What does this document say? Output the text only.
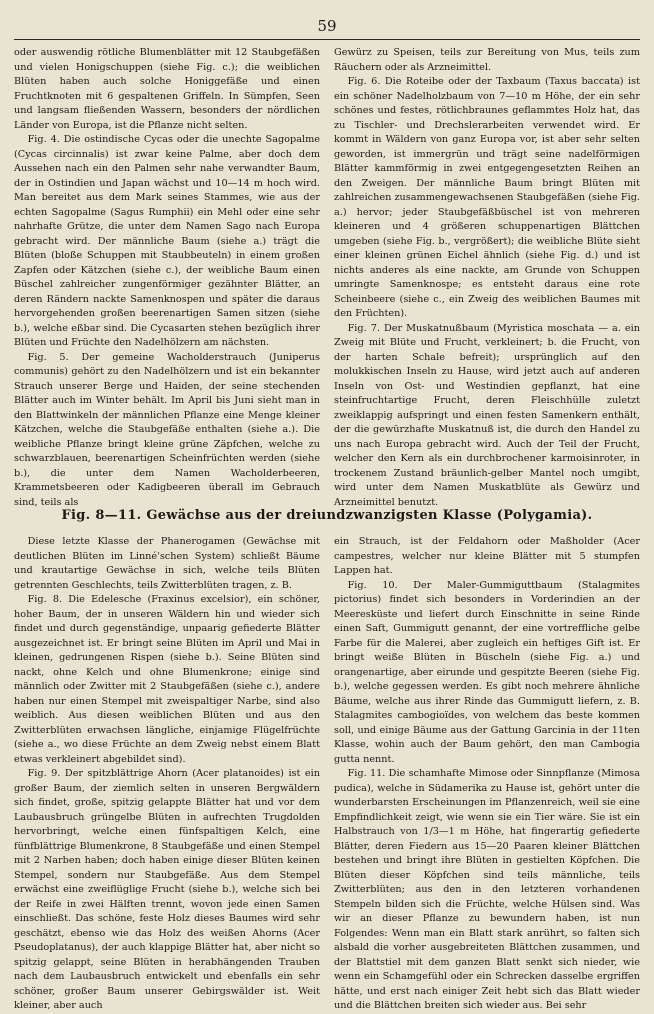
59

oder auswendig rötliche Blumenblätter mit 12 Staubgefäßen und vielen Honigschuppen (siehe Fig. c.); die weiblichen Blüten haben auch solche Honiggefäße und einen Fruchtknoten mit 6 gespaltenen Griffeln. In Sümpfen, Seen und langsam fließenden Wassern, besonders der nördlichen Länder von Europa, ist die Pflanze nicht selten.

Fig. 4. Die ostindische Cycas oder die unechte Sagopalme (Cycas circinnalis) ist zwar keine Palme, aber doch dem Aussehen nach ein den Palmen sehr nahe verwandter Baum, der in Ostindien und Japan wächst und 10—14 m hoch wird. Man bereitet aus dem Mark seines Stammes, wie aus der echten Sagopalme (Sagus Rumphii) ein Mehl oder eine sehr nahrhafte Grütze, die unter dem Namen Sago nach Europa gebracht wird. Der männliche Baum (siehe a.) trägt die Blüten (bloße Schuppen mit Staubbeuteln) in einem großen Zapfen oder Kätzchen (siehe c.), der weibliche Baum einen Büschel zahlreicher zungenförmiger gezähnter Blätter, an deren Rändern nackte Samenknospen und später die daraus hervorgehenden großen beerenartigen Samen sitzen (siehe b.), welche eßbar sind. Die Cycasarten stehen bezüglich ihrer Blüten und Früchte den Nadelhölzern am nächsten.

Fig. 5. Der gemeine Wacholderstrauch (Juniperus communis) gehört zu den Nadelhölzern und ist ein bekannter Strauch unserer Berge und Haiden, der seine stechenden Blätter auch im Winter behält. Im April bis Juni sieht man in den Blattwinkeln der männlichen Pflanze eine Menge kleiner Kätzchen, welche die Staubgefäße enthalten (siehe a.). Die weibliche Pflanze bringt kleine grüne Zäpfchen, welche zu schwarzblauen, beerenartigen Scheinfrüchten werden (siehe b.), die unter dem Namen Wacholderbeeren, Krammetsbeeren oder Kadigbeeren überall im Gebrauch sind, teils als

Gewürz zu Speisen, teils zur Bereitung von Mus, teils zum Räuchern oder als Arzneimittel.

Fig. 6. Die Roteibe oder der Taxbaum (Taxus baccata) ist ein schöner Nadelholzbaum von 7—10 m Höhe, der ein sehr schönes und festes, rötlichbraunes geflammtes Holz hat, das zu Tischler- und Drechslerarbeiten verwendet wird. Er kommt in Wäldern von ganz Europa vor, ist aber sehr selten geworden, ist immergrün und trägt seine nadelförmigen Blätter kammförmig in zwei entgegengesetzten Reihen an den Zweigen. Der männliche Baum bringt Blüten mit zahlreichen zusammengewachsenen Staubgefäßen (siehe Fig. a.) hervor; jeder Staubgefäßbüschel ist von mehreren kleineren und 4 größeren schuppenartigen Blättchen umgeben (siehe Fig. b., vergrößert); die weibliche Blüte sieht einer kleinen grünen Eichel ähnlich (siehe Fig. d.) und ist nichts anderes als eine nackte, am Grunde von Schuppen umringte Samenknospe; es entsteht daraus eine rote Scheinbeere (siehe c., ein Zweig des weiblichen Baumes mit den Früchten).

Fig. 7. Der Muskatnußbaum (Myristica moschata — a. ein Zweig mit Blüte und Frucht, verkleinert; b. die Frucht, von der harten Schale befreit); ursprünglich auf den molukkischen Inseln zu Hause, wird jetzt auch auf anderen Inseln von Ost- und Westindien gepflanzt, hat eine steinfruchtartige Frucht, deren Fleischhülle zuletzt zweiklappig aufspringt und einen festen Samenkern enthält, der die gewürzhafte Muskatnuß ist, die durch den Handel zu uns nach Europa gebracht wird. Auch der Teil der Frucht, welcher den Kern als ein durchbrochener karmoisinroter, in trockenem Zustand bräunlich-gelber Mantel noch umgibt, wird unter dem Namen Muskatblüte als Gewürz und Arzneimittel benutzt.

Fig. 8—11. Gewächse aus der dreiundzwanzigsten Klasse (Polygamia).

Diese letzte Klasse der Phanerogamen (Gewächse mit deutlichen Blüten im Linné'schen System) schließt Bäume und krautartige Gewächse in sich, welche teils Blüten getrennten Geschlechts, teils Zwitterblüten tragen, z. B.

Fig. 8. Die Edelesche (Fraxinus excelsior), ein schöner, hoher Baum, der in unseren Wäldern hin und wieder sich findet und durch gegenständige, unpaarig gefiederte Blätter ausgezeichnet ist. Er bringt seine Blüten im April und Mai in kleinen, gedrungenen Rispen (siehe b.). Seine Blüten sind nackt, ohne Kelch und ohne Blumenkrone; einige sind männlich oder Zwitter mit 2 Staubgefäßen (siehe c.), andere haben nur einen Stempel mit zweispaltiger Narbe, sind also weiblich. Aus diesen weiblichen Blüten und aus den Zwitterblüten erwachsen längliche, einjamige Flügelfrüchte (siehe a., wo diese Früchte an dem Zweig nebst einem Blatt etwas verkleinert abgebildet sind).

Fig. 9. Der spitzblättrige Ahorn (Acer platanoides) ist ein großer Baum, der ziemlich selten in unseren Bergwäldern sich findet, große, spitzig gelappte Blätter hat und vor dem Laubausbruch grüngelbe Blüten in aufrechten Trugdolden hervorbringt, welche einen fünfspaltigen Kelch, eine fünfblättrige Blumenkrone, 8 Staubgefäße und einen Stempel mit 2 Narben haben; doch haben einige dieser Blüten keinen Stempel, sondern nur Staubgefäße. Aus dem Stempel erwächst eine zweiflüglige Frucht (siehe b.), welche sich bei der Reife in zwei Hälften trennt, wovon jede einen Samen einschließt. Das schöne, feste Holz dieses Baumes wird sehr geschätzt, ebenso wie das Holz des weißen Ahorns (Acer Pseudoplatanus), der auch klappige Blätter hat, aber nicht so spitzig gelappt, seine Blüten in herabhängenden Trauben nach dem Laubausbruch entwickelt und ebenfalls ein sehr schöner, großer Baum unserer Gebirgswälder ist. Weit kleiner, aber auch

ein Strauch, ist der Feldahorn oder Maßholder (Acer campestres, welcher nur kleine Blätter mit 5 stumpfen Lappen hat.

Fig. 10. Der Maler-Gummiguttbaum (Stalagmites pictorius) findet sich besonders in Vorderindien an der Meeresküste und liefert durch Einschnitte in seine Rinde einen Saft, Gummigutt genannt, der eine vortreffliche gelbe Farbe für die Malerei, aber zugleich ein heftiges Gift ist. Er bringt weiße Blüten in Büscheln (siehe Fig. a.) und orangenartige, aber eirunde und gespitzte Beeren (siehe Fig. b.), welche gegessen werden. Es gibt noch mehrere ähnliche Bäume, welche aus ihrer Rinde das Gummigutt liefern, z. B. Stalagmites cambogioïdes, von welchem das beste kommen soll, und einige Bäume aus der Gattung Garcinia in der 11ten Klasse, wohin auch der Baum gehört, den man Cambogia gutta nennt.

Fig. 11. Die schamhafte Mimose oder Sinnpflanze (Mimosa pudica), welche in Südamerika zu Hause ist, gehört unter die wunderbarsten Erscheinungen im Pflanzenreich, weil sie eine Empfindlichkeit zeigt, wie wenn sie ein Tier wäre. Sie ist ein Halbstrauch von 1/3—1 m Höhe, hat fingerartig gefiederte Blätter, deren Fiedern aus 15—20 Paaren kleiner Blättchen bestehen und bringt ihre Blüten in gestielten Köpfchen. Die Blüten dieser Köpfchen sind teils männliche, teils Zwitterblüten; aus den in den letzteren vorhandenen Stempeln bilden sich die Früchte, welche Hülsen sind. Was wir an dieser Pflanze zu bewundern haben, ist nun Folgendes: Wenn man ein Blatt stark anrührt, so falten sich alsbald die vorher ausgebreiteten Blättchen zusammen, und der Blattstiel mit dem ganzen Blatt senkt sich nieder, wie wenn ein Schamgefühl oder ein Schrecken dasselbe ergriffen hätte, und erst nach einiger Zeit hebt sich das Blatt wieder und die Blättchen breiten sich wieder aus. Bei sehr
